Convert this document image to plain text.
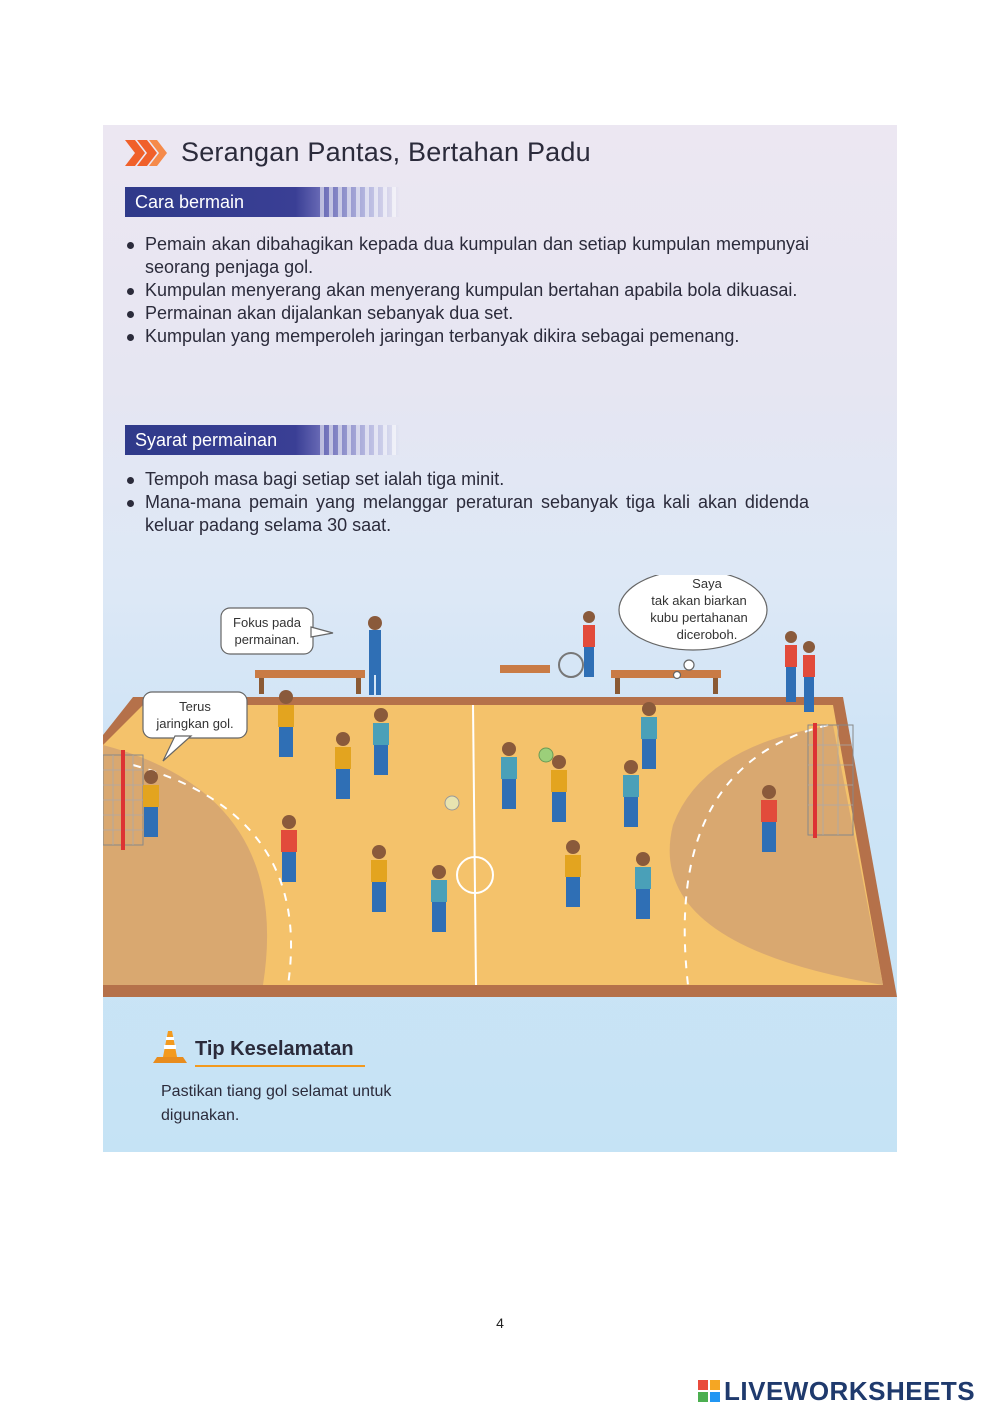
Serangan Pantas, Bertahan Padu
Cara bermain
Pemain akan dibahagikan kepada dua kumpulan dan setiap kumpulan mempunyai seorang penjaga gol.
Kumpulan menyerang akan menyerang kumpulan bertahan apabila bola dikuasai.
Permainan akan dijalankan sebanyak dua set.
Kumpulan yang memperoleh jaringan terbanyak dikira sebagai pemenang.
Syarat permainan
Tempoh masa bagi setiap set ialah tiga minit.
Mana-mana pemain yang melanggar peraturan sebanyak tiga kali akan didenda keluar padang selama 30 saat.
Fokus pada
permainan.
Terus
jaringkan gol.
Saya
tak akan biarkan
kubu pertahanan
diceroboh.
Tip Keselamatan
Pastikan tiang gol selamat untuk digunakan.
4
LIVEWORKSHEETS
